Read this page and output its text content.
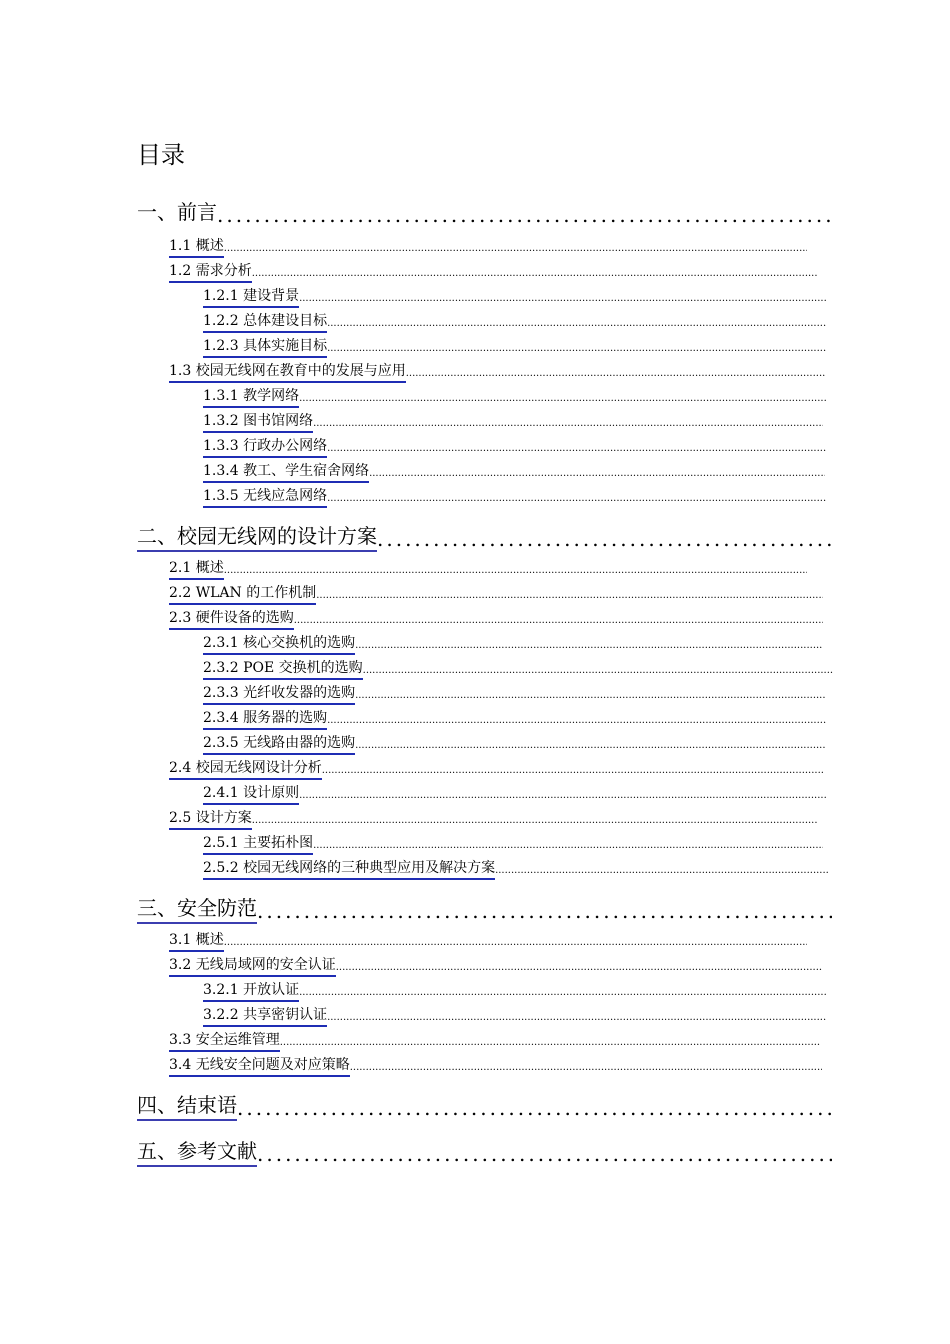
目录
一、前言
.....
1.1 概述
.....
1.2 需求分析
.....
1.2.1 建设背景
.....
1.2.2 总体建设目标
.....
1.2.3 具体实施目标
.....
1.3 校园无线网在教育中的发展与应用
.....
1.3.1 教学网络
.....
1.3.2 图书馆网络
.....
1.3.3 行政办公网络
.....
1.3.4 教工、学生宿舍网络
.....
1.3.5 无线应急网络
.....
二、校园无线网的设计方案
.....
2.1 概述
.....
2.2 WLAN 的工作机制
.....
2.3 硬件设备的选购
.....
2.3.1 核心交换机的选购
.....
2.3.2 POE 交换机的选购
.....
2.3.3 光纤收发器的选购
.....
2.3.4 服务器的选购
.....
2.3.5 无线路由器的选购
.....
2.4 校园无线网设计分析
.....
2.4.1 设计原则
.....
2.5 设计方案
.....
2.5.1 主要拓朴图
.....
2.5.2 校园无线网络的三种典型应用及解决方案
.....
三、安全防范
.....
3.1 概述
.....
3.2 无线局域网的安全认证
.....
3.2.1 开放认证
.....
3.2.2 共享密钥认证
.....
3.3 安全运维管理
.....
3.4 无线安全问题及对应策略
.....
四、结束语
.....
五、参考文献
.....
